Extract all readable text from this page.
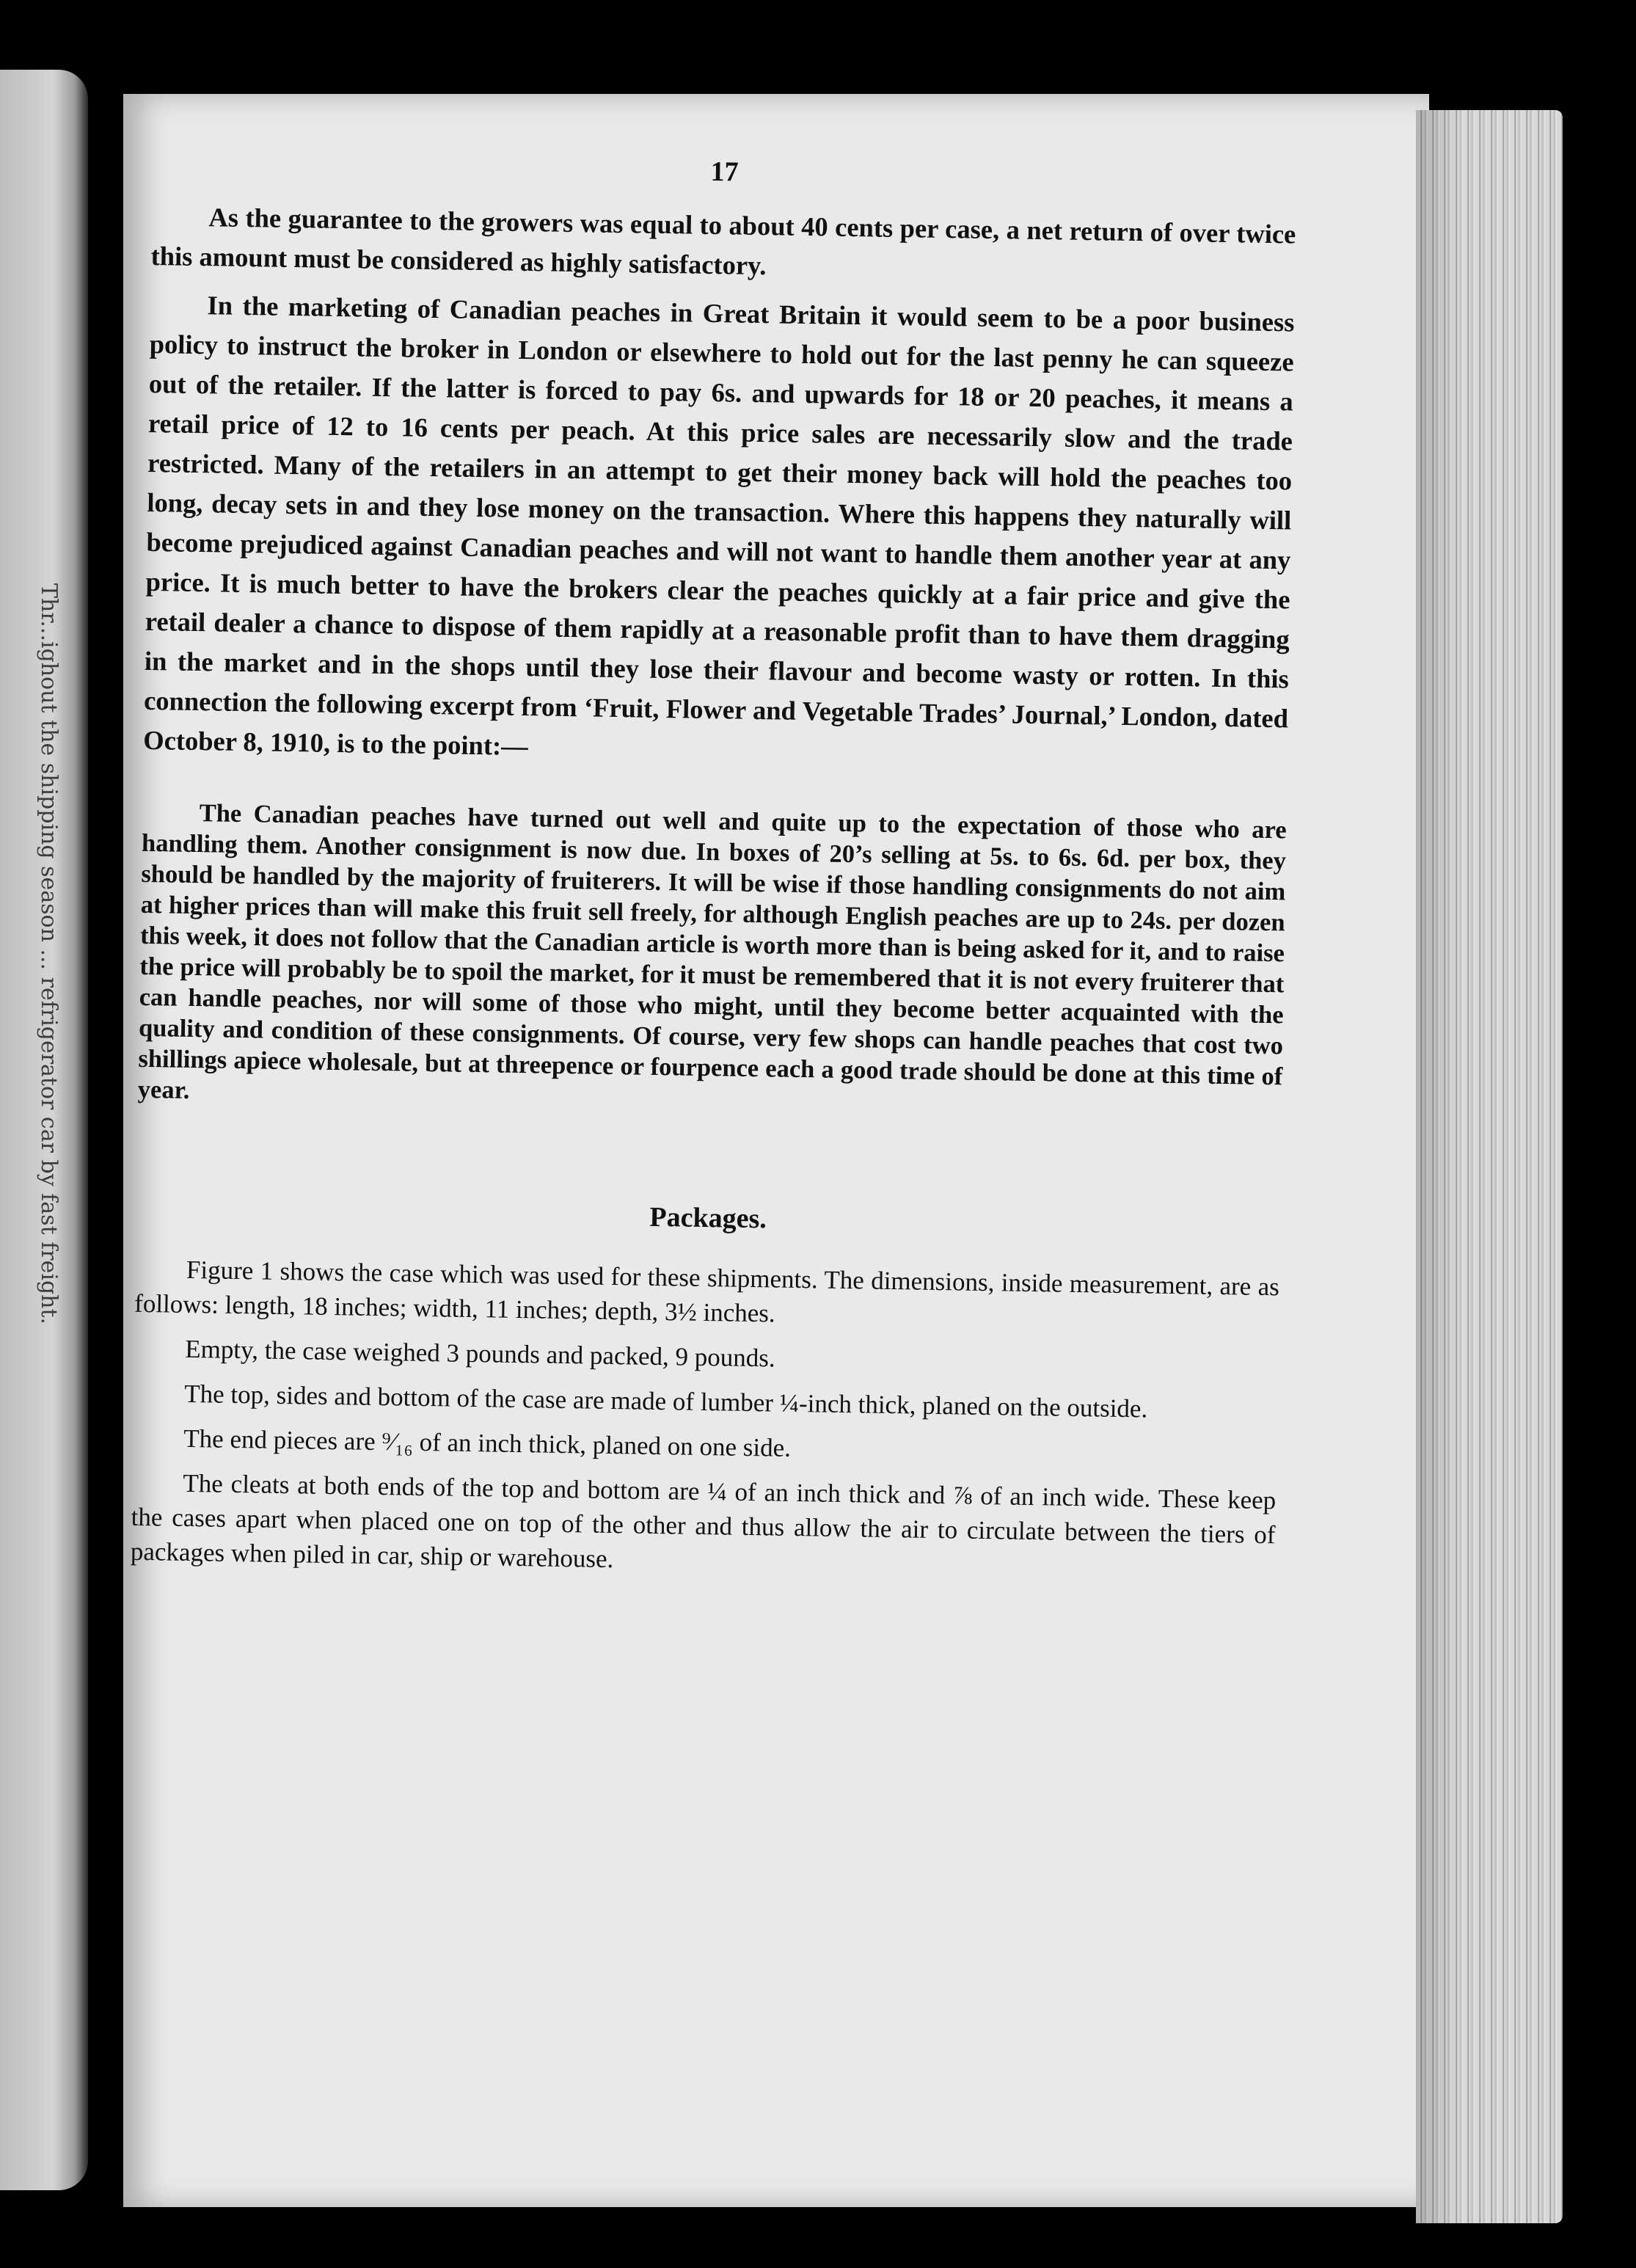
Thr...ighout the shipping season ... refrigerator car by fast freight.
17

As the guarantee to the growers was equal to about 40 cents per case, a net return of over twice this amount must be considered as highly satisfactory.

In the marketing of Canadian peaches in Great Britain it would seem to be a poor business policy to instruct the broker in London or elsewhere to hold out for the last penny he can squeeze out of the retailer. If the latter is forced to pay 6s. and upwards for 18 or 20 peaches, it means a retail price of 12 to 16 cents per peach. At this price sales are necessarily slow and the trade restricted. Many of the retailers in an attempt to get their money back will hold the peaches too long, decay sets in and they lose money on the transaction. Where this happens they naturally will become prejudiced against Canadian peaches and will not want to handle them another year at any price. It is much better to have the brokers clear the peaches quickly at a fair price and give the retail dealer a chance to dispose of them rapidly at a reasonable profit than to have them dragging in the market and in the shops until they lose their flavour and become wasty or rotten. In this connection the following excerpt from ‘Fruit, Flower and Vegetable Trades’ Journal,’ London, dated October 8, 1910, is to the point:—

The Canadian peaches have turned out well and quite up to the expectation of those who are handling them. Another consignment is now due. In boxes of 20’s selling at 5s. to 6s. 6d. per box, they should be handled by the majority of fruiterers. It will be wise if those handling consignments do not aim at higher prices than will make this fruit sell freely, for although English peaches are up to 24s. per dozen this week, it does not follow that the Canadian article is worth more than is being asked for it, and to raise the price will probably be to spoil the market, for it must be remembered that it is not every fruiterer that can handle peaches, nor will some of those who might, until they become better acquainted with the quality and condition of these consignments. Of course, very few shops can handle peaches that cost two shillings apiece wholesale, but at threepence or fourpence each a good trade should be done at this time of year.

Packages.

Figure 1 shows the case which was used for these shipments. The dimensions, inside measurement, are as follows: length, 18 inches; width, 11 inches; depth, 3½ inches.

Empty, the case weighed 3 pounds and packed, 9 pounds.

The top, sides and bottom of the case are made of lumber ¼-inch thick, planed on the outside.

The end pieces are ⁹⁄₁₆ of an inch thick, planed on one side.

The cleats at both ends of the top and bottom are ¼ of an inch thick and ⅞ of an inch wide. These keep the cases apart when placed one on top of the other and thus allow the air to circulate between the tiers of packages when piled in car, ship or warehouse.
